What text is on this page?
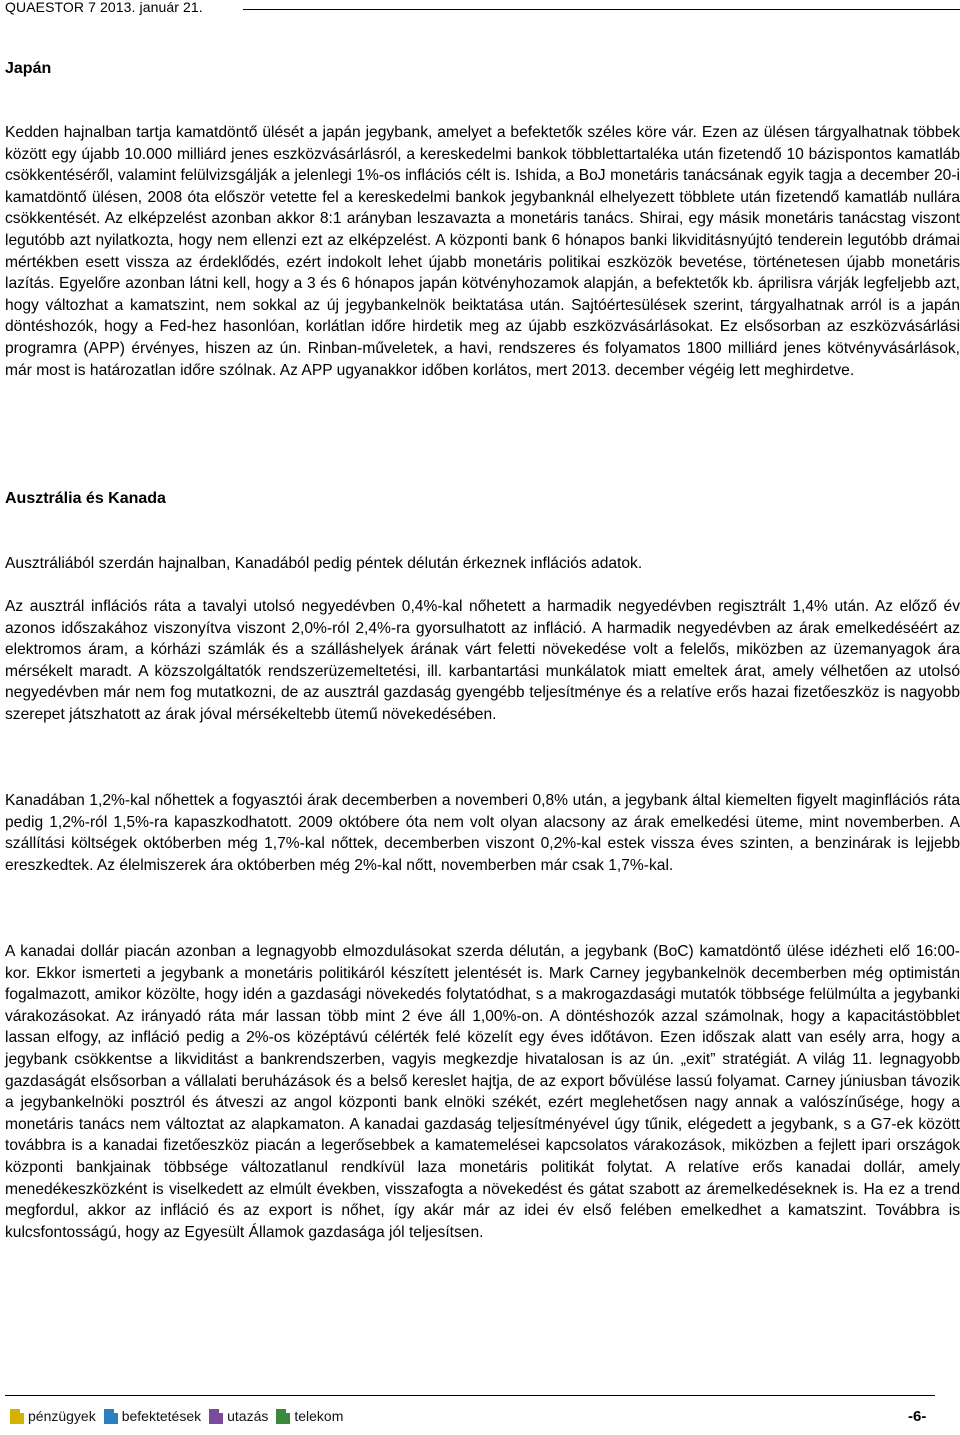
QUAESTOR 7 2013. január 21.
Japán

Kedden hajnalban tartja kamatdöntő ülését a japán jegybank, amelyet a befektetők széles köre vár. Ezen az ülésen tárgyalhatnak többek között egy újabb 10.000 milliárd jenes eszközvásárlásról, a kereskedelmi bankok többlettartaléka után fizetendő 10 bázispontos kamatláb csökkentéséről, valamint felülvizsgálják a jelenlegi 1%-os inflációs célt is. Ishida, a BoJ monetáris tanácsának egyik tagja a december 20-i kamatdöntő ülésen, 2008 óta először vetette fel a kereskedelmi bankok jegybanknál elhelyezett többlete után fizetendő kamatláb nullára csökkentését. Az elképzelést azonban akkor 8:1 arányban leszavazta a monetáris tanács. Shirai, egy másik monetáris tanácstag viszont legutóbb azt nyilatkozta, hogy nem ellenzi ezt az elképzelést. A központi bank 6 hónapos banki likviditásnyújtó tenderein legutóbb drámai mértékben esett vissza az érdeklődés, ezért indokolt lehet újabb monetáris politikai eszközök bevetése, történetesen újabb monetáris lazítás. Egyelőre azonban látni kell, hogy a 3 és 6 hónapos japán kötvényhozamok alapján, a befektetők kb. áprilisra várják legfeljebb azt, hogy változhat a kamatszint, nem sokkal az új jegybankelnök beiktatása után. Sajtóértesülések szerint, tárgyalhatnak arról is a japán döntéshozók, hogy a Fed-hez hasonlóan, korlátlan időre hirdetik meg az újabb eszközvásárlásokat. Ez elsősorban az eszközvásárlási programra (APP) érvényes, hiszen az ún. Rinban-műveletek, a havi, rendszeres és folyamatos 1800 milliárd jenes kötvényvásárlások, már most is határozatlan időre szólnak. Az APP ugyanakkor időben korlátos, mert 2013. december végéig lett meghirdetve.

Ausztrália és Kanada

Ausztráliából szerdán hajnalban, Kanadából pedig péntek délután érkeznek inflációs adatok.

Az ausztrál inflációs ráta a tavalyi utolsó negyedévben 0,4%-kal nőhetett a harmadik negyedévben regisztrált 1,4% után. Az előző év azonos időszakához viszonyítva viszont 2,0%-ról 2,4%-ra gyorsulhatott az infláció. A harmadik negyedévben az árak emelkedéséért az elektromos áram, a kórházi számlák és a szálláshelyek árának várt feletti növekedése volt a felelős, miközben az üzemanyagok ára mérsékelt maradt. A közszolgáltatók rendszerüzemeltetési, ill. karbantartási munkálatok miatt emeltek árat, amely vélhetően az utolsó negyedévben már nem fog mutatkozni, de az ausztrál gazdaság gyengébb teljesítménye és a relatíve erős hazai fizetőeszköz is nagyobb szerepet játszhatott az árak jóval mérsékeltebb ütemű növekedésében.

Kanadában 1,2%-kal nőhettek a fogyasztói árak decemberben a novemberi 0,8% után, a jegybank által kiemelten figyelt maginflációs ráta pedig 1,2%-ról 1,5%-ra kapaszkodhatott. 2009 októbere óta nem volt olyan alacsony az árak emelkedési üteme, mint novemberben. A szállítási költségek októberben még 1,7%-kal nőttek, decemberben viszont 0,2%-kal estek vissza éves szinten, a benzinárak is lejjebb ereszkedtek. Az élelmiszerek ára októberben még 2%-kal nőtt, novemberben már csak 1,7%-kal.

A kanadai dollár piacán azonban a legnagyobb elmozdulásokat szerda délután, a jegybank (BoC) kamatdöntő ülése idézheti elő 16:00-kor. Ekkor ismerteti a jegybank a monetáris politikáról készített jelentését is. Mark Carney jegybankelnök decemberben még optimistán fogalmazott, amikor közölte, hogy idén a gazdasági növekedés folytatódhat, s a makrogazdasági mutatók többsége felülmúlta a jegybanki várakozásokat. Az irányadó ráta már lassan több mint 2 éve áll 1,00%-on. A döntéshozók azzal számolnak, hogy a kapacitástöbblet lassan elfogy, az infláció pedig a 2%-os középtávú célérték felé közelít egy éves időtávon. Ezen időszak alatt van esély arra, hogy a jegybank csökkentse a likviditást a bankrendszerben, vagyis megkezdje hivatalosan is az ún. „exit” stratégiát. A világ 11. legnagyobb gazdaságát elsősorban a vállalati beruházások és a belső kereslet hajtja, de az export bővülése lassú folyamat. Carney júniusban távozik a jegybankelnöki posztról és átveszi az angol központi bank elnöki székét, ezért meglehetősen nagy annak a valószínűsége, hogy a monetáris tanács nem változtat az alapkamaton. A kanadai gazdaság teljesítményével úgy tűnik, elégedett a jegybank, s a G7-ek között továbbra is a kanadai fizetőeszköz piacán a legerősebbek a kamatemelései kapcsolatos várakozások, miközben a fejlett ipari országok központi bankjainak többsége változatlanul rendkívül laza monetáris politikát folytat. A relatíve erős kanadai dollár, amely menedékeszközként is viselkedett az elmúlt években, visszafogta a növekedést és gátat szabott az áremelkedéseknek is. Ha ez a trend megfordul, akkor az infláció és az export is nőhet, így akár már az idei év első felében emelkedhet a kamatszint. Továbbra is kulcsfontosságú, hogy az Egyesült Államok gazdasága jól teljesítsen.

pénzügyek befektetések utazás telekom	-6-
